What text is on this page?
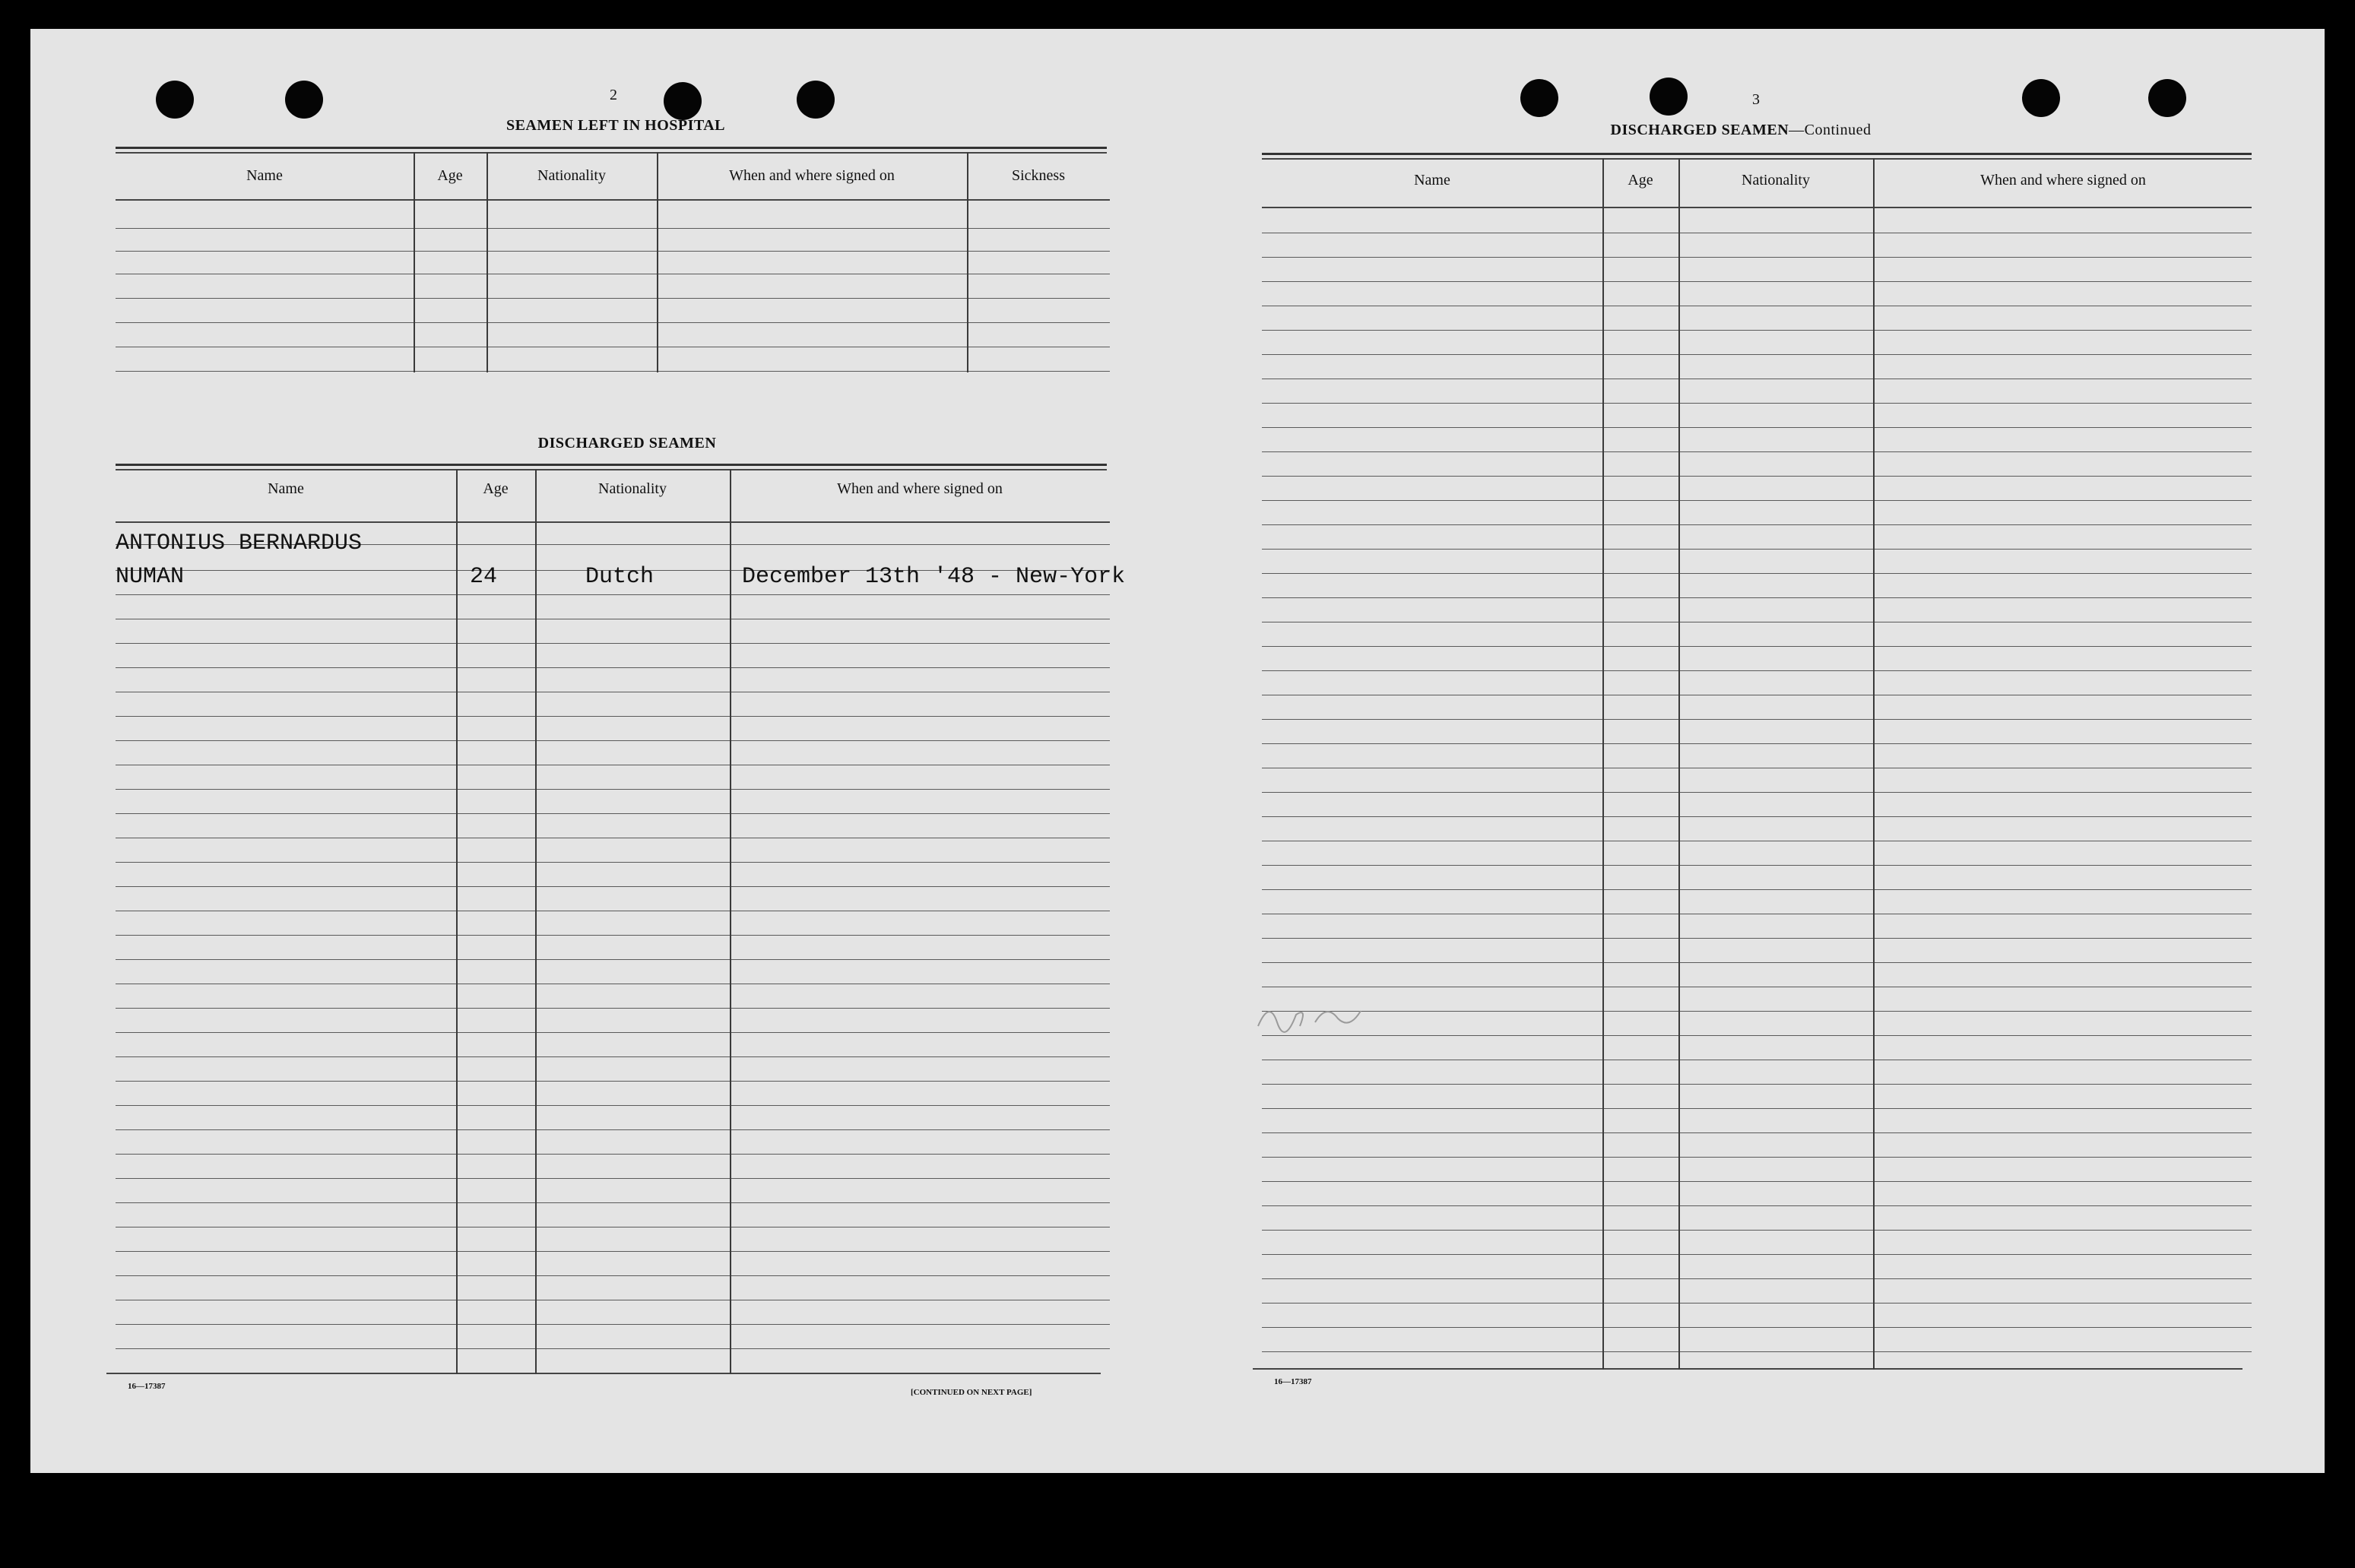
2
SEAMEN LEFT IN HOSPITAL
Name	Age	Nationality	When and where signed on	Sickness
DISCHARGED SEAMEN
Name	Age	Nationality	When and where signed on
ANTONIUS BERNARDUS
NUMAN	24	Dutch	December 13th '48 - New-York
16—17387
[CONTINUED ON NEXT PAGE]
3
DISCHARGED SEAMEN—Continued
Name	Age	Nationality	When and where signed on
16—17387
